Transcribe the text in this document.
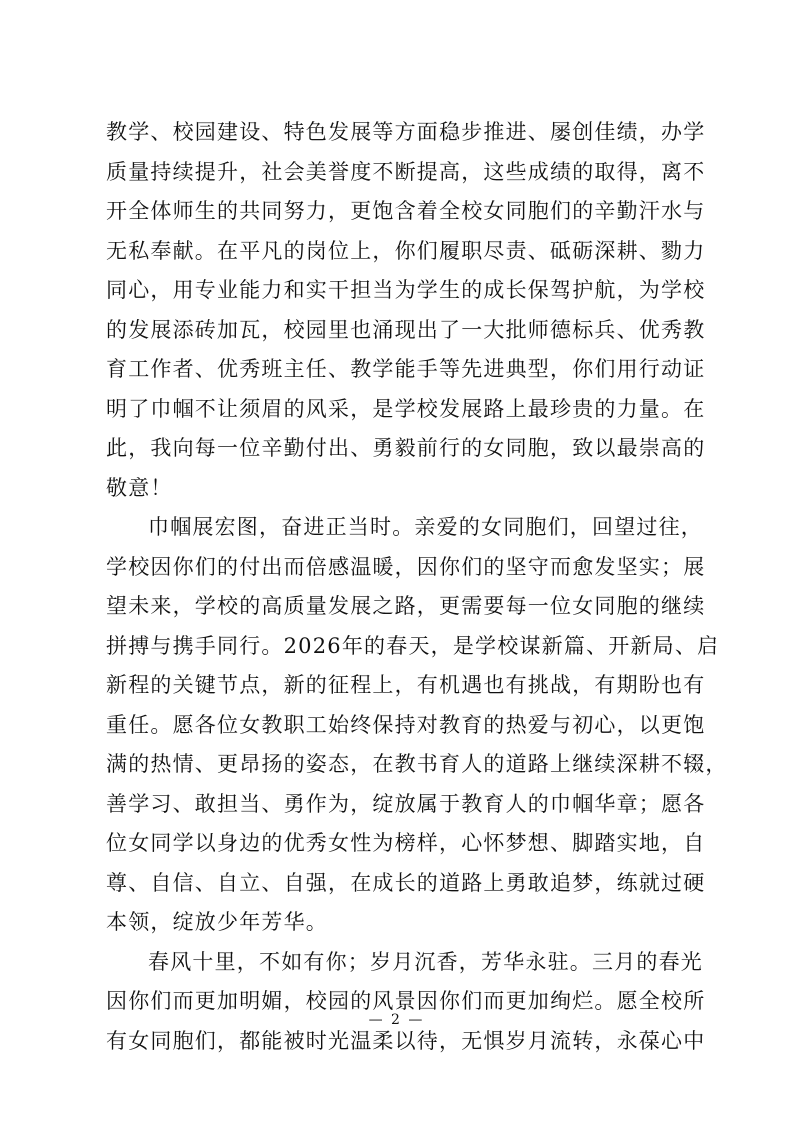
教学、校园建设、特色发展等方面稳步推进、屡创佳绩，办学
质量持续提升，社会美誉度不断提高，这些成绩的取得，离不
开全体师生的共同努力，更饱含着全校女同胞们的辛勤汗水与
无私奉献。在平凡的岗位上，你们履职尽责、砥砺深耕、勠力
同心，用专业能力和实干担当为学生的成长保驾护航，为学校
的发展添砖加瓦，校园里也涌现出了一大批师德标兵、优秀教
育工作者、优秀班主任、教学能手等先进典型，你们用行动证
明了巾帼不让须眉的风采，是学校发展路上最珍贵的力量。在
此，我向每一位辛勤付出、勇毅前行的女同胞，致以最崇高的
敬意！
巾帼展宏图，奋进正当时。亲爱的女同胞们，回望过往，
学校因你们的付出而倍感温暖，因你们的坚守而愈发坚实；展
望未来，学校的高质量发展之路，更需要每一位女同胞的继续
拼搏与携手同行。2026年的春天，是学校谋新篇、开新局、启
新程的关键节点，新的征程上，有机遇也有挑战，有期盼也有
重任。愿各位女教职工始终保持对教育的热爱与初心，以更饱
满的热情、更昂扬的姿态，在教书育人的道路上继续深耕不辍，
善学习、敢担当、勇作为，绽放属于教育人的巾帼华章；愿各
位女同学以身边的优秀女性为榜样，心怀梦想、脚踏实地，自
尊、自信、自立、自强，在成长的道路上勇敢追梦，练就过硬
本领，绽放少年芳华。
春风十里，不如有你；岁月沉香，芳华永驻。三月的春光
因你们而更加明媚，校园的风景因你们而更加绚烂。愿全校所
有女同胞们，都能被时光温柔以待，无惧岁月流转，永葆心中
— 2 —
